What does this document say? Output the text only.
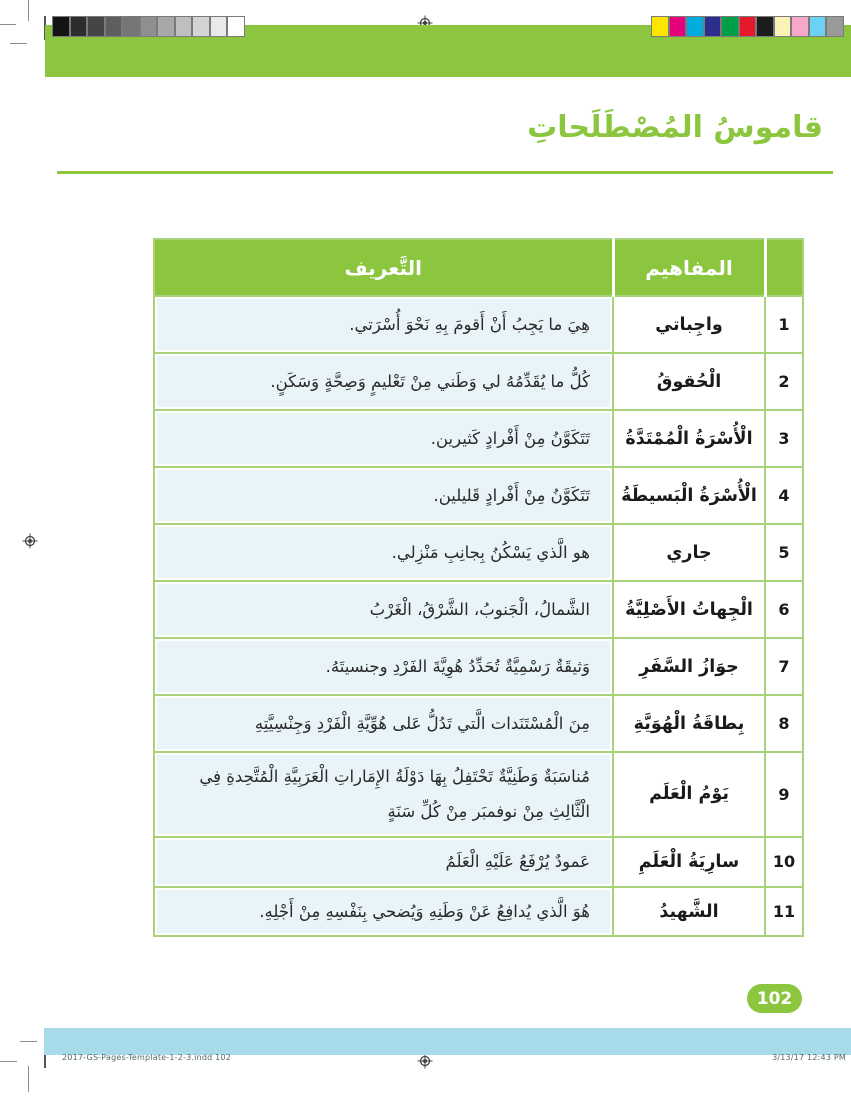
قاموسُ المُصْطَلَحاتِ
	المفاهيم	التَّعريف
1	واجِباتي	هِيَ ما يَجِبُ أَنْ أَقومَ بِهِ نَحْوَ أُسْرَتي.
2	الْحُقوقُ	كُلُّ ما يُقَدِّمُهُ لي وَطَني مِنْ تَعْليمٍ وَصِحَّةٍ وَسَكَنٍ.
3	الْأُسْرَةُ الْمُمْتَدَّةُ	تَتَكَوَّنُ مِنْ أَفْرادٍ كَثيرين.
4	الْأُسْرَةُ الْبَسيطَةُ	تَتَكَوَّنُ مِنْ أَفْرادٍ قَليلين.
5	جاري	هو الَّذي يَسْكُنُ بِجانِبِ مَنْزِلي.
6	الْجِهاتُ الأَصْلِيَّةُ	الشَّمالُ، الْجَنوبُ، الشَّرْقُ، الْغَرْبُ
7	جوَازُ السَّفَرِ	وَثيقَةٌ رَسْمِيَّةٌ تُحَدِّدُ هُوِيَّةَ الفَرْدِ وجنسيتَهُ.
8	بِطاقَةُ الْهُوَيَّةِ	مِنَ الْمُسْتَنَدات الَّتي تَدُلُّ عَلى هُوِّيَّةِ الْفَرْدِ وَجِنْسِيَّتِهِ
9	يَوْمُ الْعَلَم	مُناسَبَةٌ وَطَنِيَّةٌ تَحْتَفِلُ بِهَا دَوْلَةُ الإِمَاراتِ الْعَرَبِيَّةِ الْمُتَّحِدةِ فِي الْثَّالِثِ مِنْ نوفمبَر مِنْ كُلِّ سَنَةٍ
10	سارِيَةُ الْعَلَمِ	عَمودٌ يُرْفَعُ عَلَيْهِ الْعَلَمُ
11	الشَّهيدُ	هُوَ الَّذي يُدافِعُ عَنْ وَطَنِهِ وَيُضحي بِنَفْسِهِ مِنْ أَجْلِهِ.
102
2017-GS-Pages-Template-1-2-3.indd 102	3/13/17 12:43 PM
